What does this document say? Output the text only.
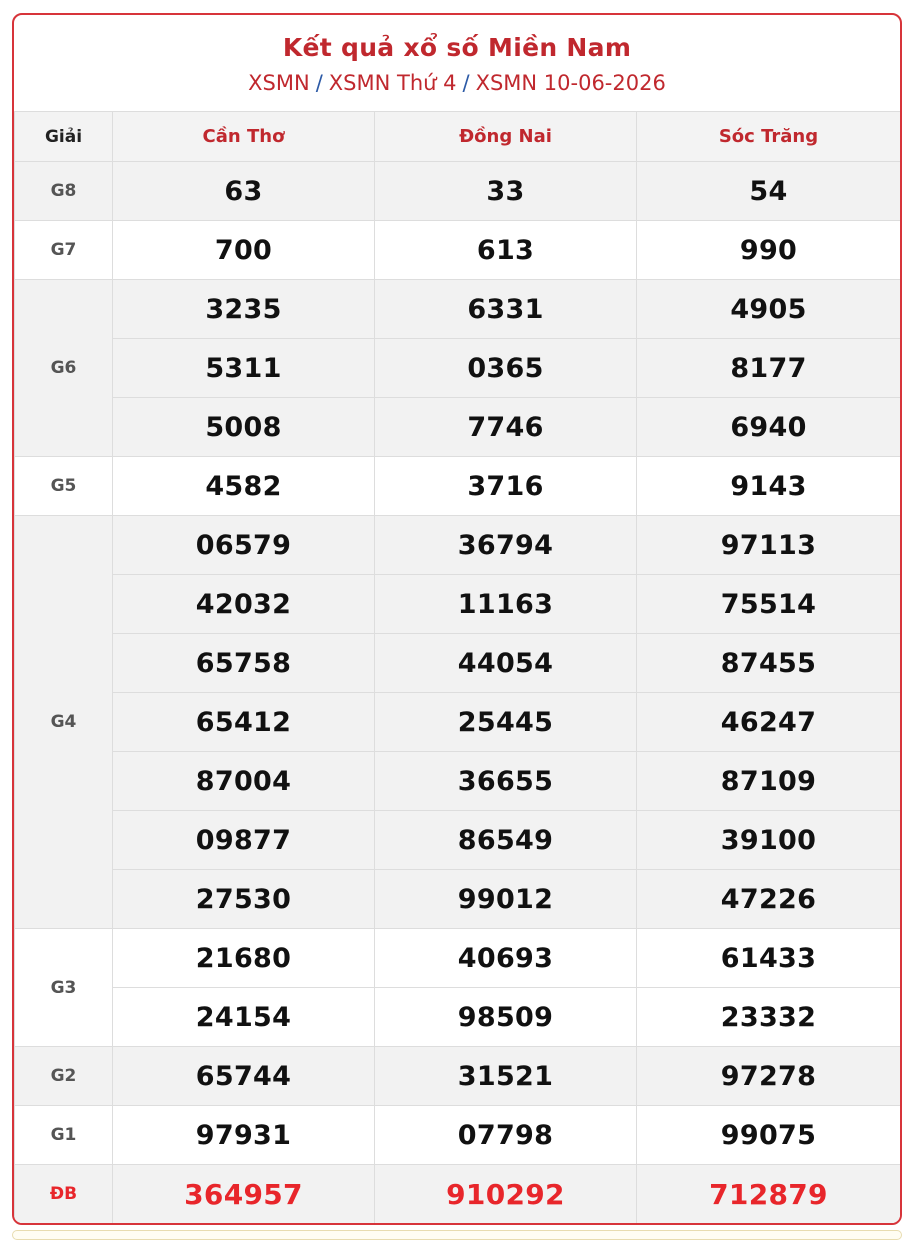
Kết quả xổ số Miền Nam
XSMN / XSMN Thứ 4 / XSMN 10-06-2026
Giải	Cần Thơ	Đồng Nai	Sóc Trăng
G8	63	33	54
G7	700	613	990
G6	3235	6331	4905
	5311	0365	8177
	5008	7746	6940
G5	4582	3716	9143
G4	06579	36794	97113
	42032	11163	75514
	65758	44054	87455
	65412	25445	46247
	87004	36655	87109
	09877	86549	39100
	27530	99012	47226
G3	21680	40693	61433
	24154	98509	23332
G2	65744	31521	97278
G1	97931	07798	99075
ĐB	364957	910292	712879
